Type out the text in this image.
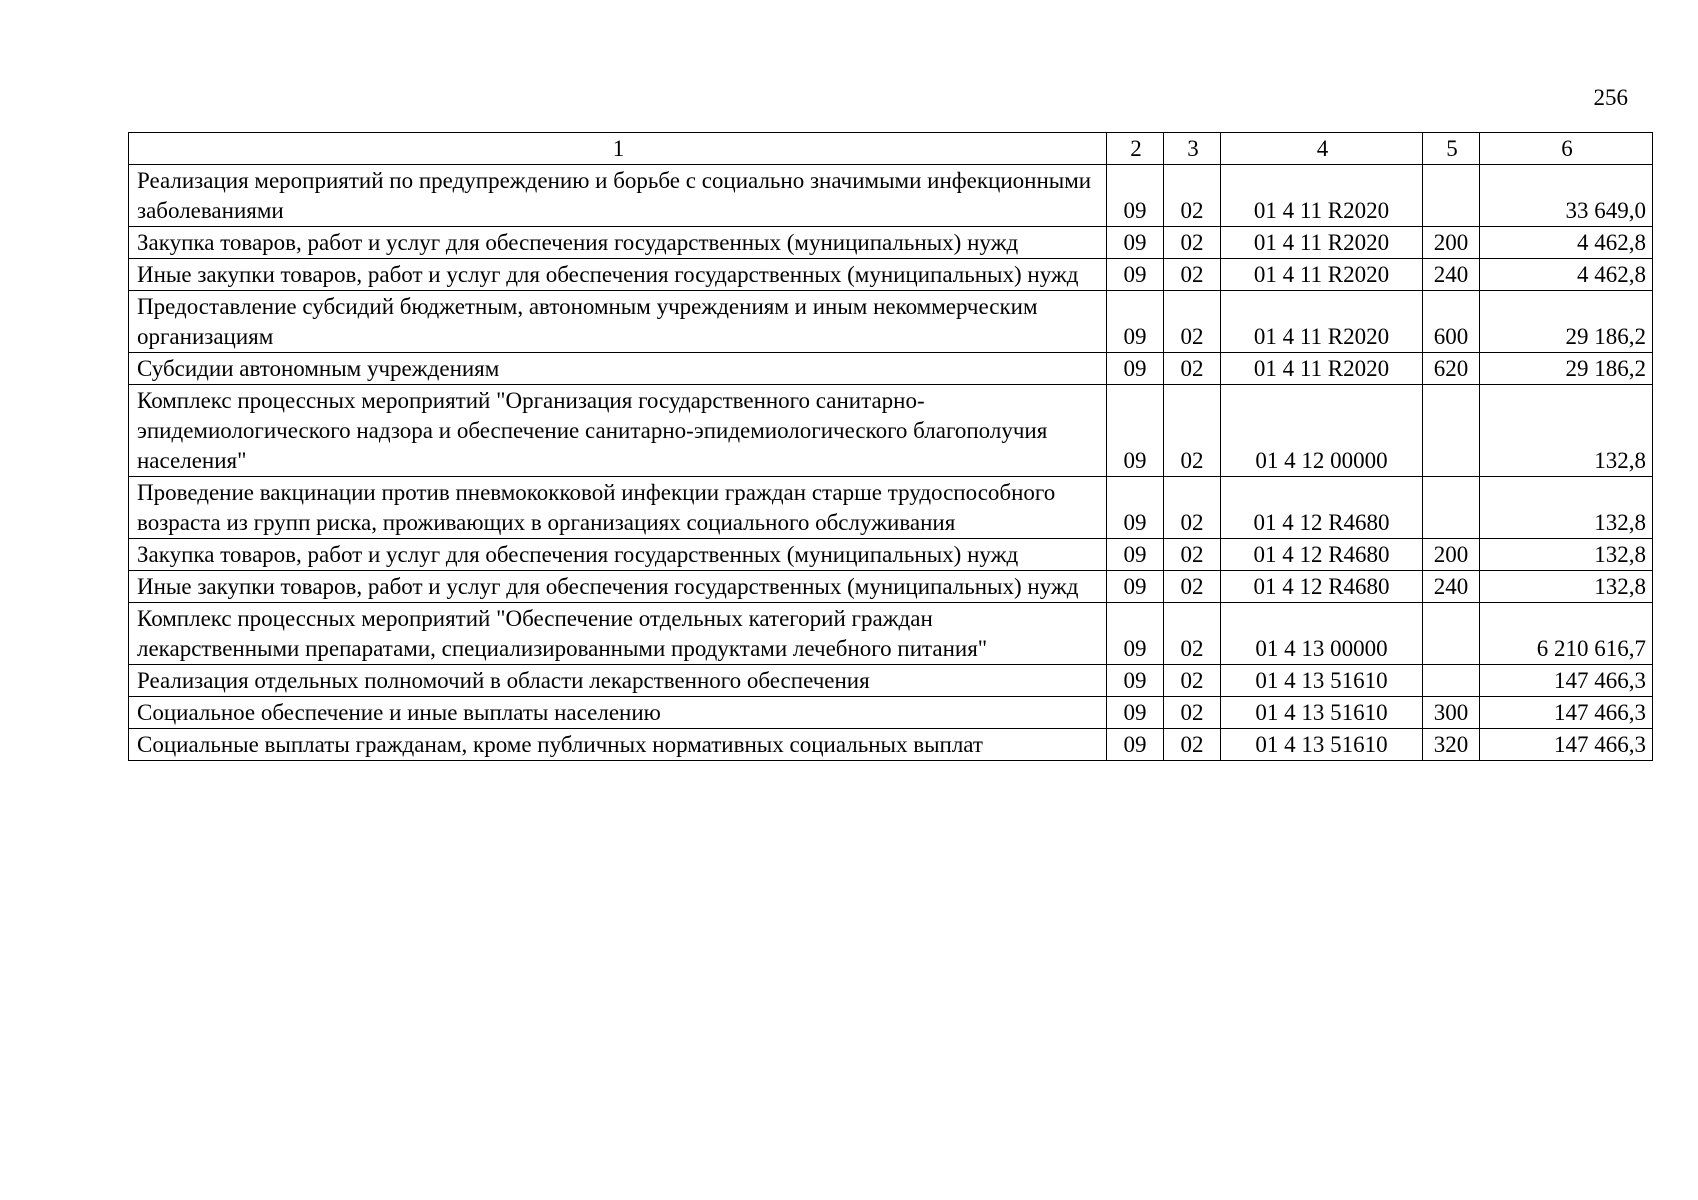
256
1	2	3	4	5	6
Реализация мероприятий по предупреждению и борьбе с социально значимыми инфекционными заболеваниями	09	02	01 4 11 R2020		33 649,0
Закупка товаров, работ и услуг для обеспечения государственных (муниципальных) нужд	09	02	01 4 11 R2020	200	4 462,8
Иные закупки товаров, работ и услуг для обеспечения государственных (муниципальных) нужд	09	02	01 4 11 R2020	240	4 462,8
Предоставление субсидий бюджетным, автономным учреждениям и иным некоммерческим организациям	09	02	01 4 11 R2020	600	29 186,2
Субсидии автономным учреждениям	09	02	01 4 11 R2020	620	29 186,2
Комплекс процессных мероприятий "Организация государственного санитарно-эпидемиологического надзора и обеспечение санитарно-эпидемиологического благополучия населения"	09	02	01 4 12 00000		132,8
Проведение вакцинации против пневмококковой инфекции граждан старше трудоспособного возраста из групп риска, проживающих в организациях социального обслуживания	09	02	01 4 12 R4680		132,8
Закупка товаров, работ и услуг для обеспечения государственных (муниципальных) нужд	09	02	01 4 12 R4680	200	132,8
Иные закупки товаров, работ и услуг для обеспечения государственных (муниципальных) нужд	09	02	01 4 12 R4680	240	132,8
Комплекс процессных мероприятий "Обеспечение отдельных категорий граждан лекарственными препаратами, специализированными продуктами лечебного питания"	09	02	01 4 13 00000		6 210 616,7
Реализация отдельных полномочий в области лекарственного обеспечения	09	02	01 4 13 51610		147 466,3
Социальное обеспечение и иные выплаты населению	09	02	01 4 13 51610	300	147 466,3
Социальные выплаты гражданам, кроме публичных нормативных социальных выплат	09	02	01 4 13 51610	320	147 466,3
